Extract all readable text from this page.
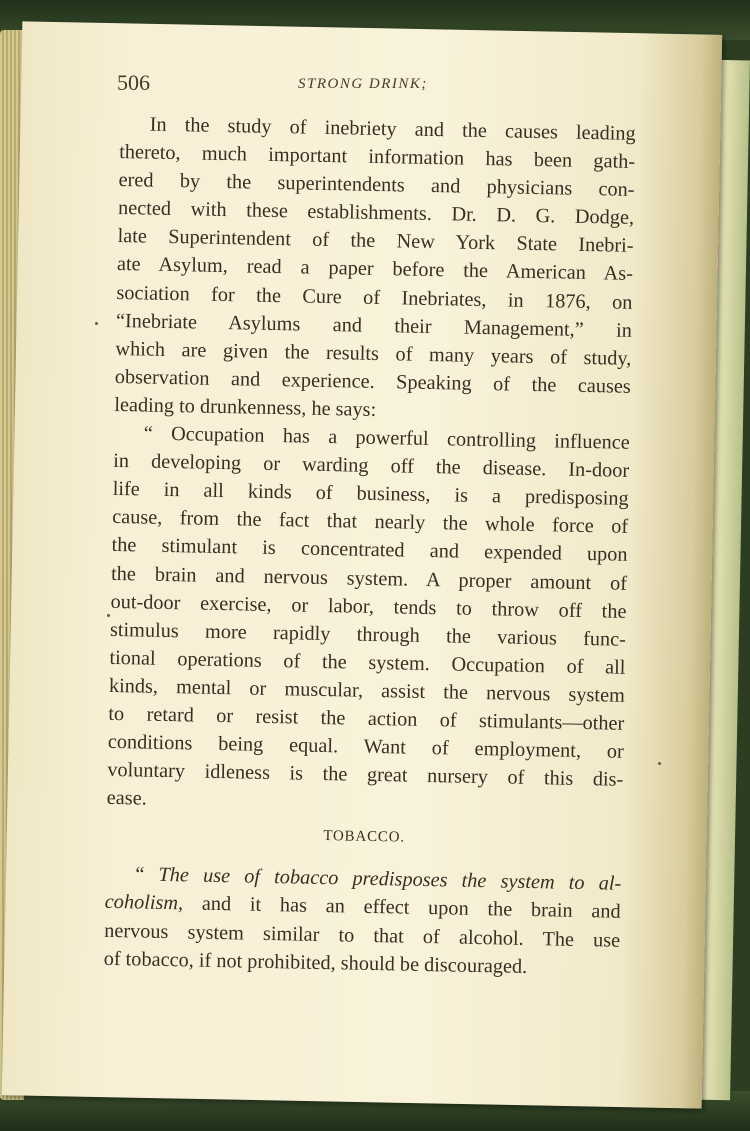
506	STRONG DRINK;
In the study of inebriety and the causes leading
thereto, much important information has been gath-
ered by the superintendents and physicians con-
nected with these establishments. Dr. D. G. Dodge,
late Superintendent of the New York State Inebri-
ate Asylum, read a paper before the American As-
sociation for the Cure of Inebriates, in 1876, on
“Inebriate Asylums and their Management,” in
which are given the results of many years of study,
observation and experience. Speaking of the causes
leading to drunkenness, he says:
“ Occupation has a powerful controlling influence
in developing or warding off the disease. In-door
life in all kinds of business, is a predisposing
cause, from the fact that nearly the whole force of
the stimulant is concentrated and expended upon
the brain and nervous system. A proper amount of
out-door exercise, or labor, tends to throw off the
stimulus more rapidly through the various func-
tional operations of the system. Occupation of all
kinds, mental or muscular, assist the nervous system
to retard or resist the action of stimulants—other
conditions being equal. Want of employment, or
voluntary idleness is the great nursery of this dis-
ease.
TOBACCO.
“ The use of tobacco predisposes the system to al-
coholism, and it has an effect upon the brain and
nervous system similar to that of alcohol. The use
of tobacco, if not prohibited, should be discouraged.
